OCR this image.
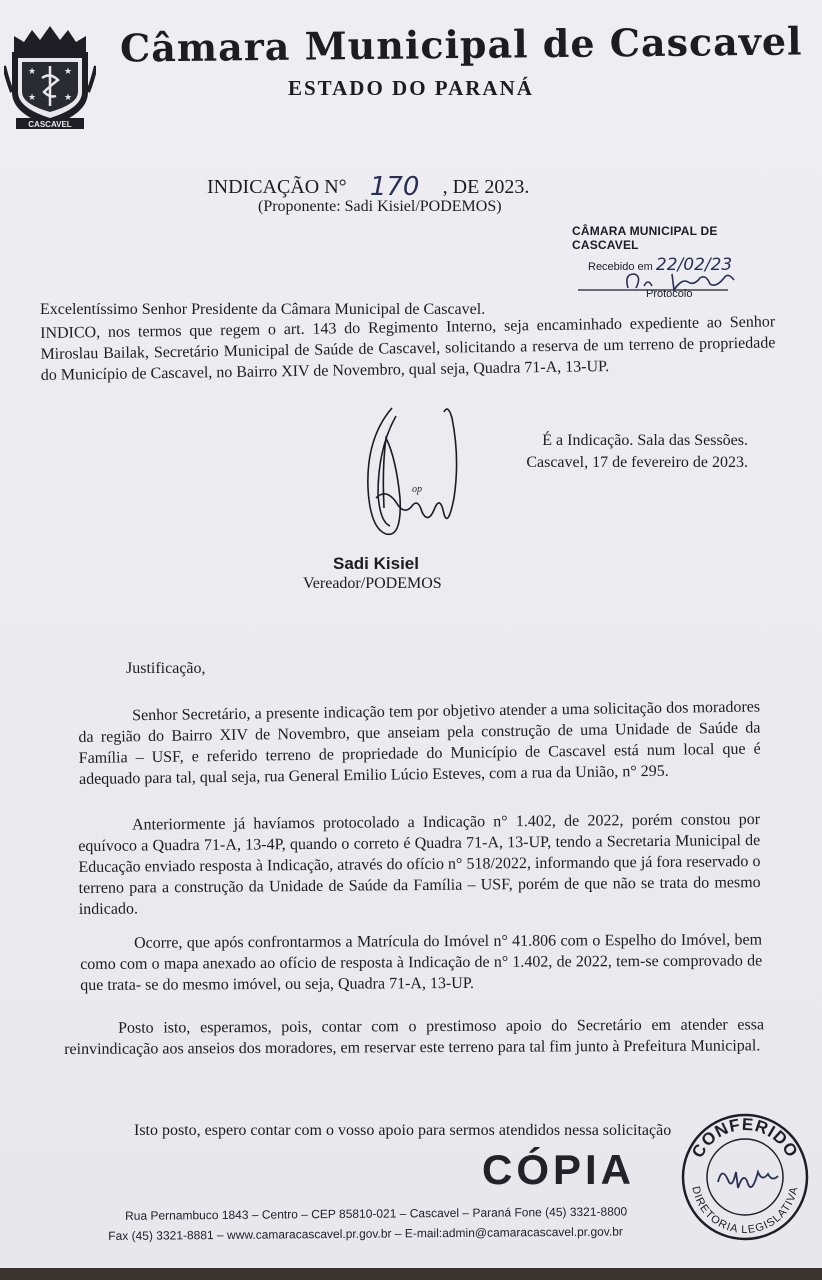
★	★
★	★
CASCAVEL
Câmara Municipal de Cascavel
ESTADO DO PARANÁ
INDICAÇÃO N° 170 , DE 2023.
(Proponente: Sadi Kisiel/PODEMOS)
CÂMARA MUNICIPAL DE CASCAVEL
Recebido em 22/02/23
Protocolo
Excelentíssimo Senhor Presidente da Câmara Municipal de Cascavel.
INDICO, nos termos que regem o art. 143 do Regimento Interno, seja encaminhado expediente ao Senhor Miroslau Bailak, Secretário Municipal de Saúde de Cascavel, solicitando a reserva de um terreno de propriedade do Município de Cascavel, no Bairro XIV de Novembro, qual seja, Quadra 71-A, 13-UP.
op
É a Indicação. Sala das Sessões.
Cascavel, 17 de fevereiro de 2023.
Sadi Kisiel
Vereador/PODEMOS
Justificação,
Senhor Secretário, a presente indicação tem por objetivo atender a uma solicitação dos moradores da região do Bairro XIV de Novembro, que anseiam pela construção de uma Unidade de Saúde da Família – USF, e referido terreno de propriedade do Município de Cascavel está num local que é adequado para tal, qual seja, rua General Emilio Lúcio Esteves, com a rua da União, n° 295.
Anteriormente já havíamos protocolado a Indicação n° 1.402, de 2022, porém constou por equívoco a Quadra 71-A, 13-4P, quando o correto é Quadra 71-A, 13-UP, tendo a Secretaria Municipal de Educação enviado resposta à Indicação, através do ofício n° 518/2022, informando que já fora reservado o terreno para a construção da Unidade de Saúde da Família – USF, porém de que não se trata do mesmo indicado.
Ocorre, que após confrontarmos a Matrícula do Imóvel n° 41.806 com o Espelho do Imóvel, bem como com o mapa anexado ao ofício de resposta à Indicação de n° 1.402, de 2022, tem-se comprovado de que trata- se do mesmo imóvel, ou seja, Quadra 71-A, 13-UP.
Posto isto, esperamos, pois, contar com o prestimoso apoio do Secretário em atender essa reinvindicação aos anseios dos moradores, em reservar este terreno para tal fim junto à Prefeitura Municipal.
Isto posto, espero contar com o vosso apoio para sermos atendidos nessa solicitação
CÓPIA	CONFERIDO
DIRETORIA LEGISLATIVA
Rua Pernambuco 1843 – Centro – CEP 85810-021 – Cascavel – Paraná Fone (45) 3321-8800
Fax (45) 3321-8881 – www.camaracascavel.pr.gov.br – E-mail:admin@camaracascavel.pr.gov.br
